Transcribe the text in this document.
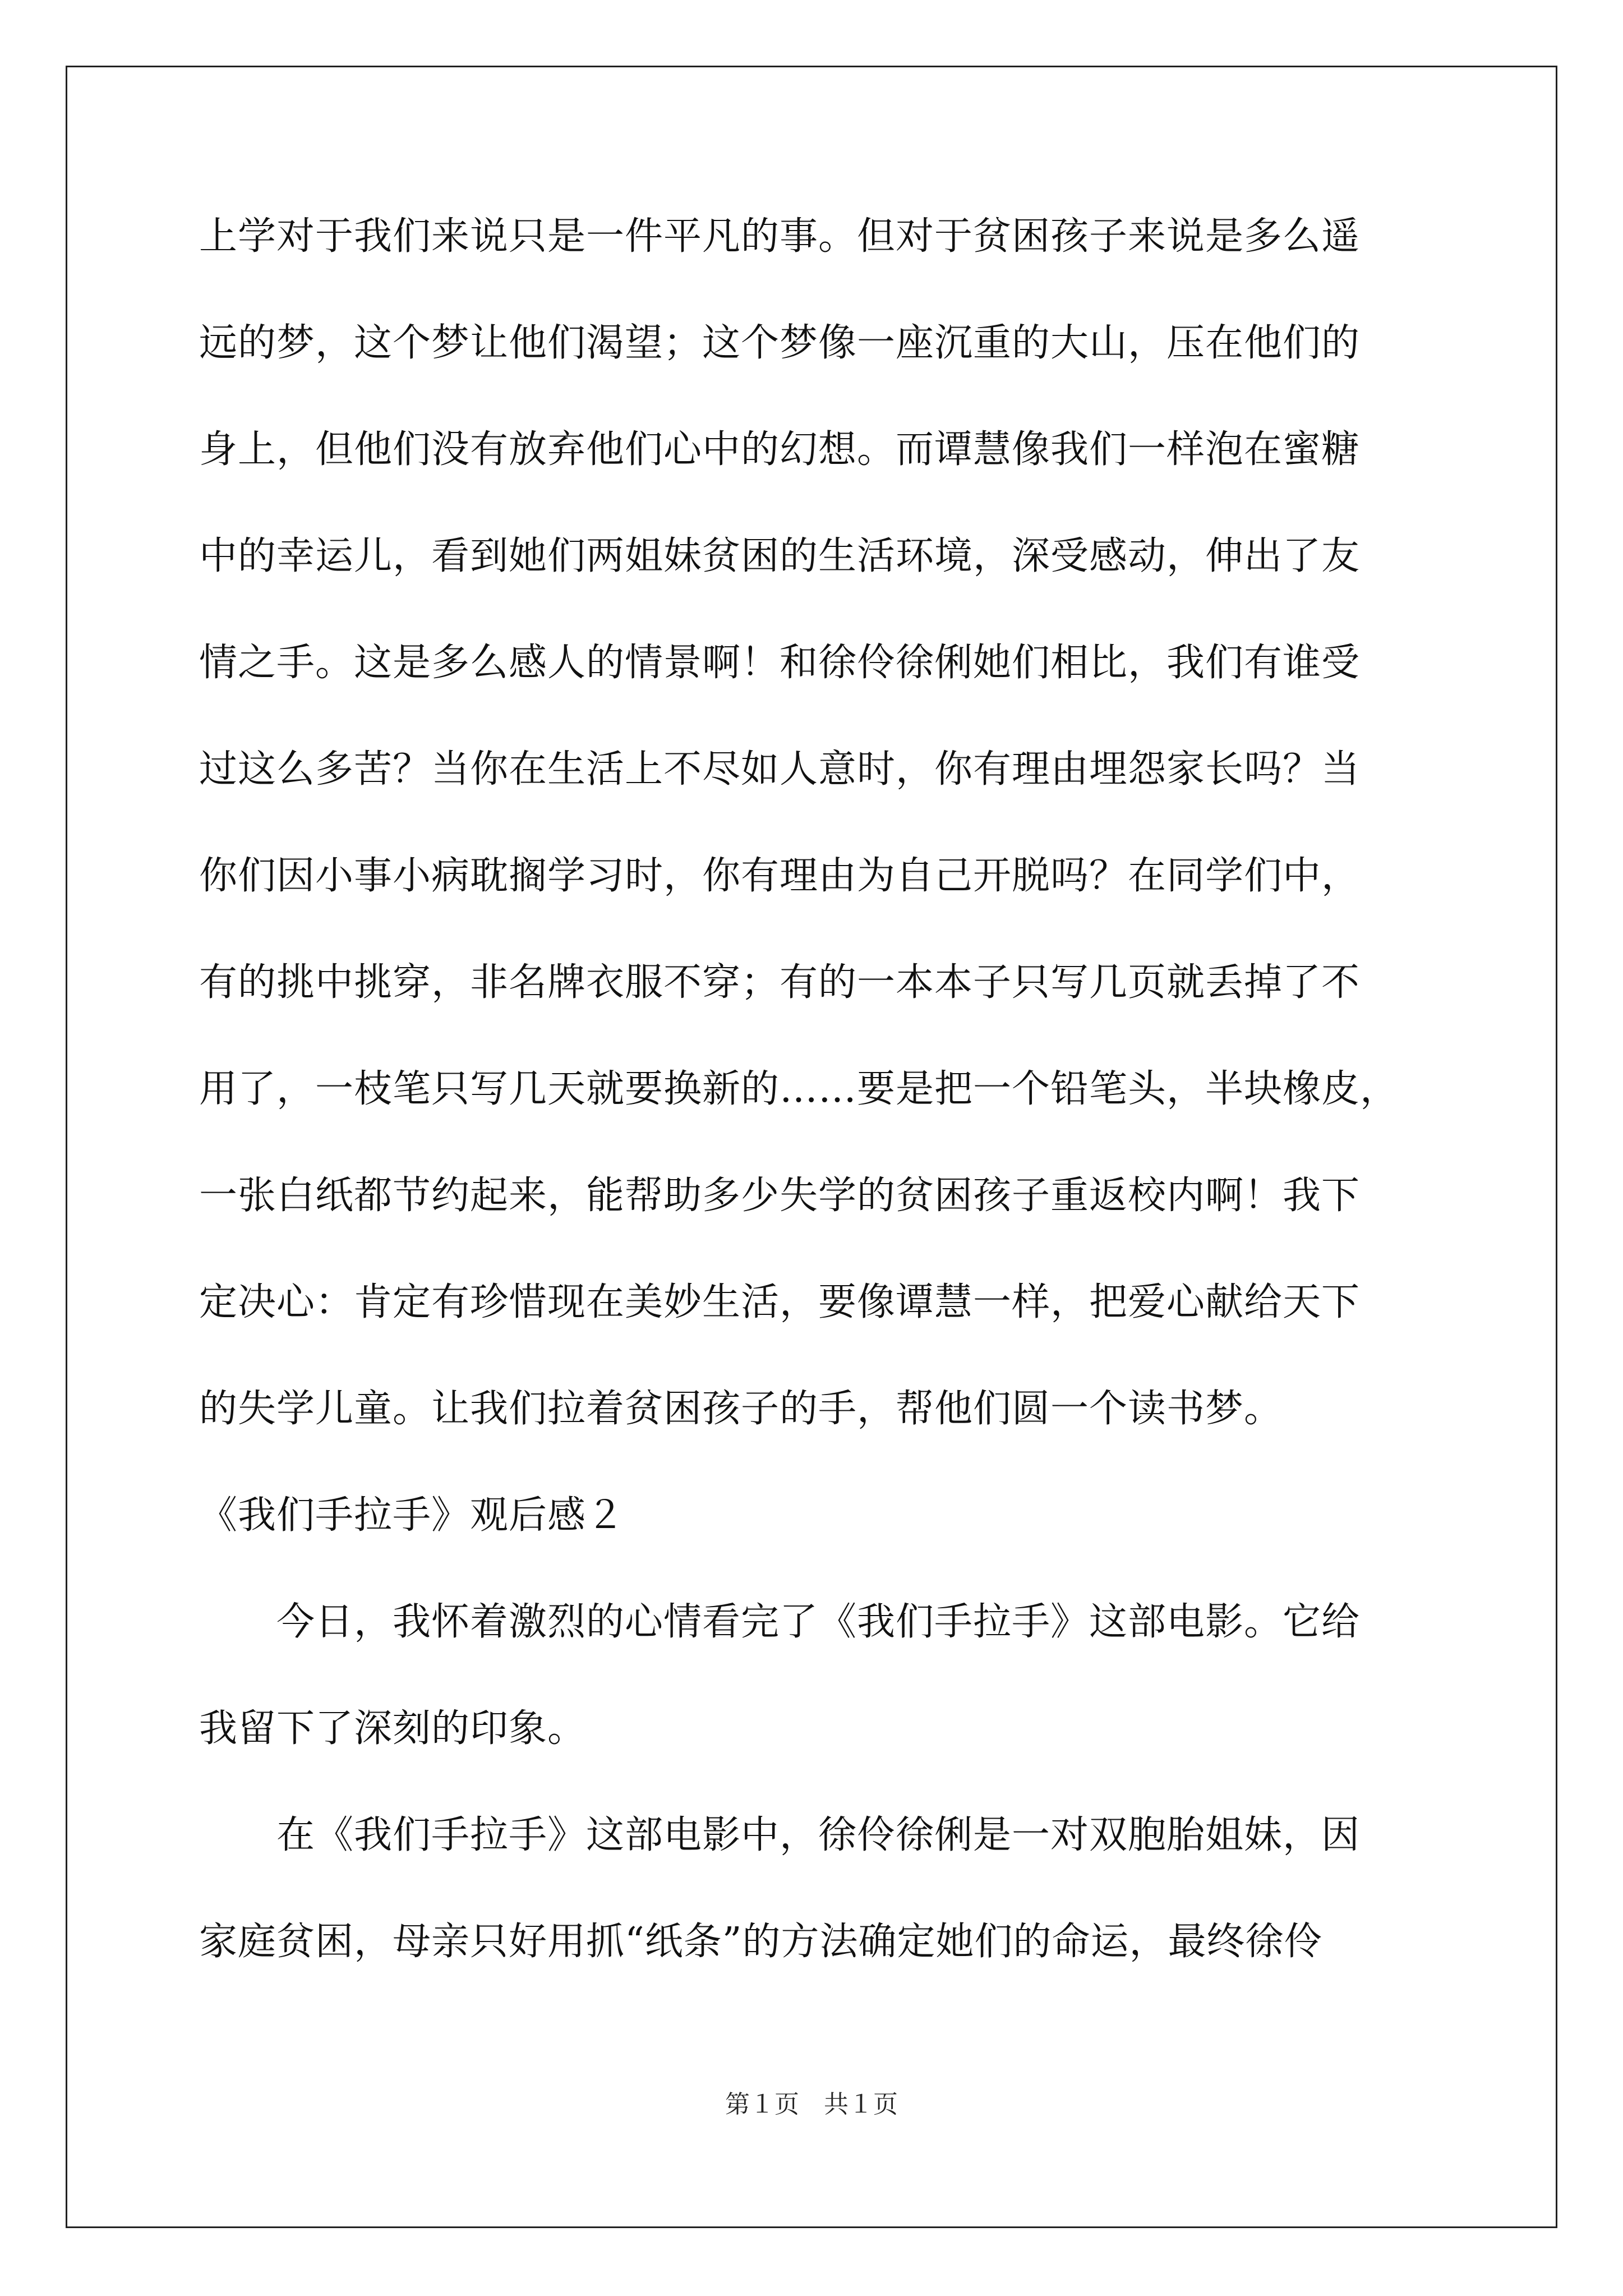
上学对于我们来说只是一件平凡的事。但对于贫困孩子来说是多么遥
远的梦，这个梦让他们渴望；这个梦像一座沉重的大山，压在他们的
身上，但他们没有放弃他们心中的幻想。而谭慧像我们一样泡在蜜糖
中的幸运儿，看到她们两姐妹贫困的生活环境，深受感动，伸出了友
情之手。这是多么感人的情景啊！和徐伶徐俐她们相比，我们有谁受
过这么多苦？当你在生活上不尽如人意时，你有理由埋怨家长吗？当
你们因小事小病耽搁学习时，你有理由为自己开脱吗？在同学们中，
有的挑中挑穿，非名牌衣服不穿；有的一本本子只写几页就丢掉了不
用了，一枝笔只写几天就要换新的……要是把一个铅笔头，半块橡皮，
一张白纸都节约起来，能帮助多少失学的贫困孩子重返校内啊！我下
定决心：肯定有珍惜现在美妙生活，要像谭慧一样，把爱心献给天下
的失学儿童。让我们拉着贫困孩子的手，帮他们圆一个读书梦。
《我们手拉手》观后感２
　　今日，我怀着激烈的心情看完了《我们手拉手》这部电影。它给
我留下了深刻的印象。
　　在《我们手拉手》这部电影中，徐伶徐俐是一对双胞胎姐妹，因
家庭贫困，母亲只好用抓“纸条”的方法确定她们的命运，最终徐伶
第１页　共１页
